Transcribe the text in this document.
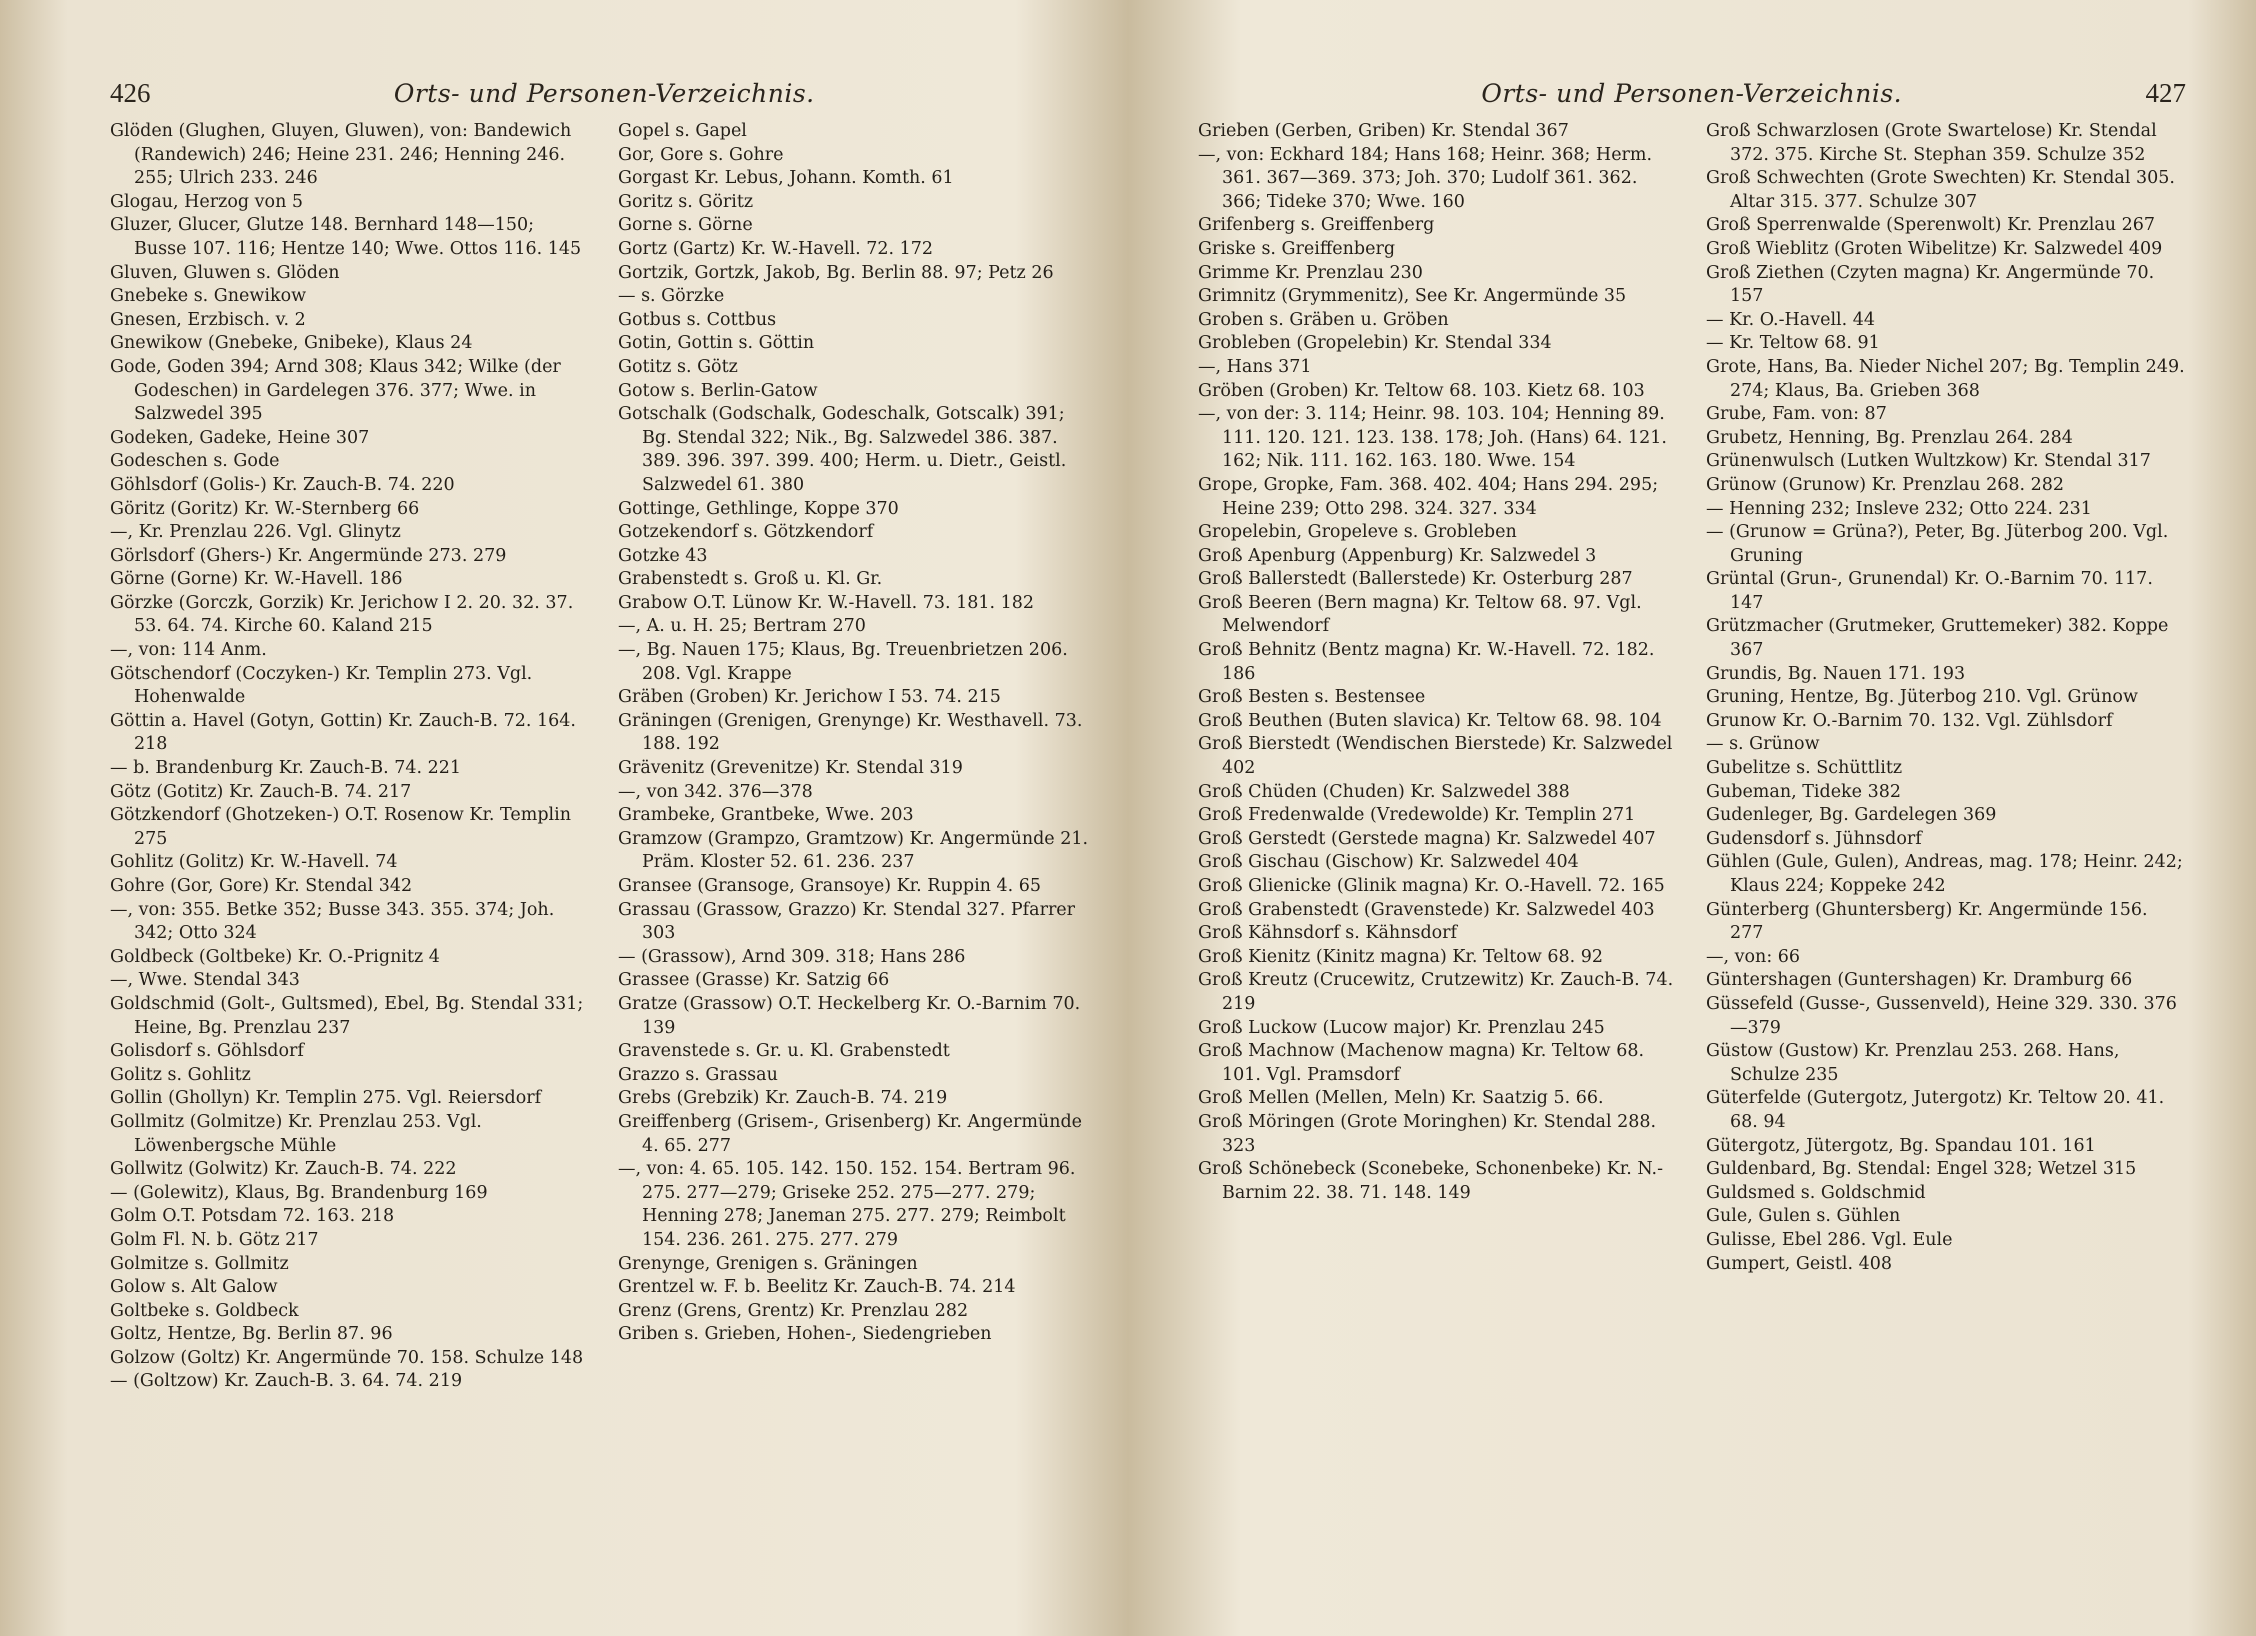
426	Orts- und Personen-Verzeichnis.

Glöden (Glughen, Gluyen, Gluwen), von: Bandewich (Randewich) 246; Heine 231. 246; Henning 246. 255; Ulrich 233. 246

Glogau, Herzog von 5

Gluzer, Glucer, Glutze 148. Bernhard 148—150; Busse 107. 116; Hentze 140; Wwe. Ottos 116. 145

Gluven, Gluwen s. Glöden

Gnebeke s. Gnewikow

Gnesen, Erzbisch. v. 2

Gnewikow (Gnebeke, Gnibeke), Klaus 24

Gode, Goden 394; Arnd 308; Klaus 342; Wilke (der Godeschen) in Gardelegen 376. 377; Wwe. in Salzwedel 395

Godeken, Gadeke, Heine 307

Godeschen s. Gode

Göhlsdorf (Golis-) Kr. Zauch-B. 74. 220

Göritz (Goritz) Kr. W.-Sternberg 66

—, Kr. Prenzlau 226. Vgl. Glinytz

Görlsdorf (Ghers-) Kr. Angermünde 273. 279

Görne (Gorne) Kr. W.-Havell. 186

Görzke (Gorczk, Gorzik) Kr. Jerichow I 2. 20. 32. 37. 53. 64. 74. Kirche 60. Kaland 215

—, von: 114 Anm.

Götschendorf (Coczyken-) Kr. Templin 273. Vgl. Hohenwalde

Göttin a. Havel (Gotyn, Gottin) Kr. Zauch-B. 72. 164. 218

— b. Brandenburg Kr. Zauch-B. 74. 221

Götz (Gotitz) Kr. Zauch-B. 74. 217

Götzkendorf (Ghotzeken-) O.T. Rosenow Kr. Templin 275

Gohlitz (Golitz) Kr. W.-Havell. 74

Gohre (Gor, Gore) Kr. Stendal 342

—, von: 355. Betke 352; Busse 343. 355. 374; Joh. 342; Otto 324

Goldbeck (Goltbeke) Kr. O.-Prignitz 4

—, Wwe. Stendal 343

Goldschmid (Golt-, Gultsmed), Ebel, Bg. Stendal 331; Heine, Bg. Prenzlau 237

Golisdorf s. Göhlsdorf

Golitz s. Gohlitz

Gollin (Ghollyn) Kr. Templin 275. Vgl. Reiersdorf

Gollmitz (Golmitze) Kr. Prenzlau 253. Vgl. Löwenbergsche Mühle

Gollwitz (Golwitz) Kr. Zauch-B. 74. 222

— (Golewitz), Klaus, Bg. Brandenburg 169

Golm O.T. Potsdam 72. 163. 218

Golm Fl. N. b. Götz 217

Golmitze s. Gollmitz

Golow s. Alt Galow

Goltbeke s. Goldbeck

Goltz, Hentze, Bg. Berlin 87. 96

Golzow (Goltz) Kr. Angermünde 70. 158. Schulze 148

— (Goltzow) Kr. Zauch-B. 3. 64. 74. 219

Gopel s. Gapel

Gor, Gore s. Gohre

Gorgast Kr. Lebus, Johann. Komth. 61

Goritz s. Göritz

Gorne s. Görne

Gortz (Gartz) Kr. W.-Havell. 72. 172

Gortzik, Gortzk, Jakob, Bg. Berlin 88. 97; Petz 26

— s. Görzke

Gotbus s. Cottbus

Gotin, Gottin s. Göttin

Gotitz s. Götz

Gotow s. Berlin-Gatow

Gotschalk (Godschalk, Godeschalk, Gotscalk) 391; Bg. Stendal 322; Nik., Bg. Salzwedel 386. 387. 389. 396. 397. 399. 400; Herm. u. Dietr., Geistl. Salzwedel 61. 380

Gottinge, Gethlinge, Koppe 370

Gotzekendorf s. Götzkendorf

Gotzke 43

Grabenstedt s. Groß u. Kl. Gr.

Grabow O.T. Lünow Kr. W.-Havell. 73. 181. 182

—, A. u. H. 25; Bertram 270

—, Bg. Nauen 175; Klaus, Bg. Treuenbrietzen 206. 208. Vgl. Krappe

Gräben (Groben) Kr. Jerichow I 53. 74. 215

Gräningen (Grenigen, Grenynge) Kr. Westhavell. 73. 188. 192

Grävenitz (Grevenitze) Kr. Stendal 319

—, von 342. 376—378

Grambeke, Grantbeke, Wwe. 203

Gramzow (Grampzo, Gramtzow) Kr. Angermünde 21. Präm. Kloster 52. 61. 236. 237

Gransee (Gransoge, Gransoye) Kr. Ruppin 4. 65

Grassau (Grassow, Grazzo) Kr. Stendal 327. Pfarrer 303

— (Grassow), Arnd 309. 318; Hans 286

Grassee (Grasse) Kr. Satzig 66

Gratze (Grassow) O.T. Heckelberg Kr. O.-Barnim 70. 139

Gravenstede s. Gr. u. Kl. Grabenstedt

Grazzo s. Grassau

Grebs (Grebzik) Kr. Zauch-B. 74. 219

Greiffenberg (Grisem-, Grisenberg) Kr. Angermünde 4. 65. 277

—, von: 4. 65. 105. 142. 150. 152. 154. Bertram 96. 275. 277—279; Griseke 252. 275—277. 279; Henning 278; Janeman 275. 277. 279; Reimbolt 154. 236. 261. 275. 277. 279

Grenynge, Grenigen s. Gräningen

Grentzel w. F. b. Beelitz Kr. Zauch-B. 74. 214

Grenz (Grens, Grentz) Kr. Prenzlau 282

Griben s. Grieben, Hohen-, Siedengrieben

Orts- und Personen-Verzeichnis.	427

Grieben (Gerben, Griben) Kr. Stendal 367

—, von: Eckhard 184; Hans 168; Heinr. 368; Herm. 361. 367—369. 373; Joh. 370; Ludolf 361. 362. 366; Tideke 370; Wwe. 160

Grifenberg s. Greiffenberg

Griske s. Greiffenberg

Grimme Kr. Prenzlau 230

Grimnitz (Grymmenitz), See Kr. Angermünde 35

Groben s. Gräben u. Gröben

Grobleben (Gropelebin) Kr. Stendal 334

—, Hans 371

Gröben (Groben) Kr. Teltow 68. 103. Kietz 68. 103

—, von der: 3. 114; Heinr. 98. 103. 104; Henning 89. 111. 120. 121. 123. 138. 178; Joh. (Hans) 64. 121. 162; Nik. 111. 162. 163. 180. Wwe. 154

Grope, Gropke, Fam. 368. 402. 404; Hans 294. 295; Heine 239; Otto 298. 324. 327. 334

Gropelebin, Gropeleve s. Grobleben

Groß Apenburg (Appenburg) Kr. Salzwedel 3

Groß Ballerstedt (Ballerstede) Kr. Osterburg 287

Groß Beeren (Bern magna) Kr. Teltow 68. 97. Vgl. Melwendorf

Groß Behnitz (Bentz magna) Kr. W.-Havell. 72. 182. 186

Groß Besten s. Bestensee

Groß Beuthen (Buten slavica) Kr. Teltow 68. 98. 104

Groß Bierstedt (Wendischen Bierstede) Kr. Salzwedel 402

Groß Chüden (Chuden) Kr. Salzwedel 388

Groß Fredenwalde (Vredewolde) Kr. Templin 271

Groß Gerstedt (Gerstede magna) Kr. Salzwedel 407

Groß Gischau (Gischow) Kr. Salzwedel 404

Groß Glienicke (Glinik magna) Kr. O.-Havell. 72. 165

Groß Grabenstedt (Gravenstede) Kr. Salzwedel 403

Groß Kähnsdorf s. Kähnsdorf

Groß Kienitz (Kinitz magna) Kr. Teltow 68. 92

Groß Kreutz (Crucewitz, Crutzewitz) Kr. Zauch-B. 74. 219

Groß Luckow (Lucow major) Kr. Prenzlau 245

Groß Machnow (Machenow magna) Kr. Teltow 68. 101. Vgl. Pramsdorf

Groß Mellen (Mellen, Meln) Kr. Saatzig 5. 66.

Groß Möringen (Grote Moringhen) Kr. Stendal 288. 323

Groß Schönebeck (Sconebeke, Schonenbeke) Kr. N.-Barnim 22. 38. 71. 148. 149

Groß Schwarzlosen (Grote Swartelose) Kr. Stendal 372. 375. Kirche St. Stephan 359. Schulze 352

Groß Schwechten (Grote Swechten) Kr. Stendal 305. Altar 315. 377. Schulze 307

Groß Sperrenwalde (Sperenwolt) Kr. Prenzlau 267

Groß Wieblitz (Groten Wibelitze) Kr. Salzwedel 409

Groß Ziethen (Czyten magna) Kr. Angermünde 70. 157

— Kr. O.-Havell. 44

— Kr. Teltow 68. 91

Grote, Hans, Ba. Nieder Nichel 207; Bg. Templin 249. 274; Klaus, Ba. Grieben 368

Grube, Fam. von: 87

Grubetz, Henning, Bg. Prenzlau 264. 284

Grünenwulsch (Lutken Wultzkow) Kr. Stendal 317

Grünow (Grunow) Kr. Prenzlau 268. 282

— Henning 232; Insleve 232; Otto 224. 231

— (Grunow = Grüna?), Peter, Bg. Jüterbog 200. Vgl. Gruning

Grüntal (Grun-, Grunendal) Kr. O.-Barnim 70. 117. 147

Grützmacher (Grutmeker, Gruttemeker) 382. Koppe 367

Grundis, Bg. Nauen 171. 193

Gruning, Hentze, Bg. Jüterbog 210. Vgl. Grünow

Grunow Kr. O.-Barnim 70. 132. Vgl. Zühlsdorf

— s. Grünow

Gubelitze s. Schüttlitz

Gubeman, Tideke 382

Gudenleger, Bg. Gardelegen 369

Gudensdorf s. Jühnsdorf

Gühlen (Gule, Gulen), Andreas, mag. 178; Heinr. 242; Klaus 224; Koppeke 242

Günterberg (Ghuntersberg) Kr. Angermünde 156. 277

—, von: 66

Güntershagen (Guntershagen) Kr. Dramburg 66

Güssefeld (Gusse-, Gussenveld), Heine 329. 330. 376—379

Güstow (Gustow) Kr. Prenzlau 253. 268. Hans, Schulze 235

Güterfelde (Gutergotz, Jutergotz) Kr. Teltow 20. 41. 68. 94

Gütergotz, Jütergotz, Bg. Spandau 101. 161

Guldenbard, Bg. Stendal: Engel 328; Wetzel 315

Guldsmed s. Goldschmid

Gule, Gulen s. Gühlen

Gulisse, Ebel 286. Vgl. Eule

Gumpert, Geistl. 408
